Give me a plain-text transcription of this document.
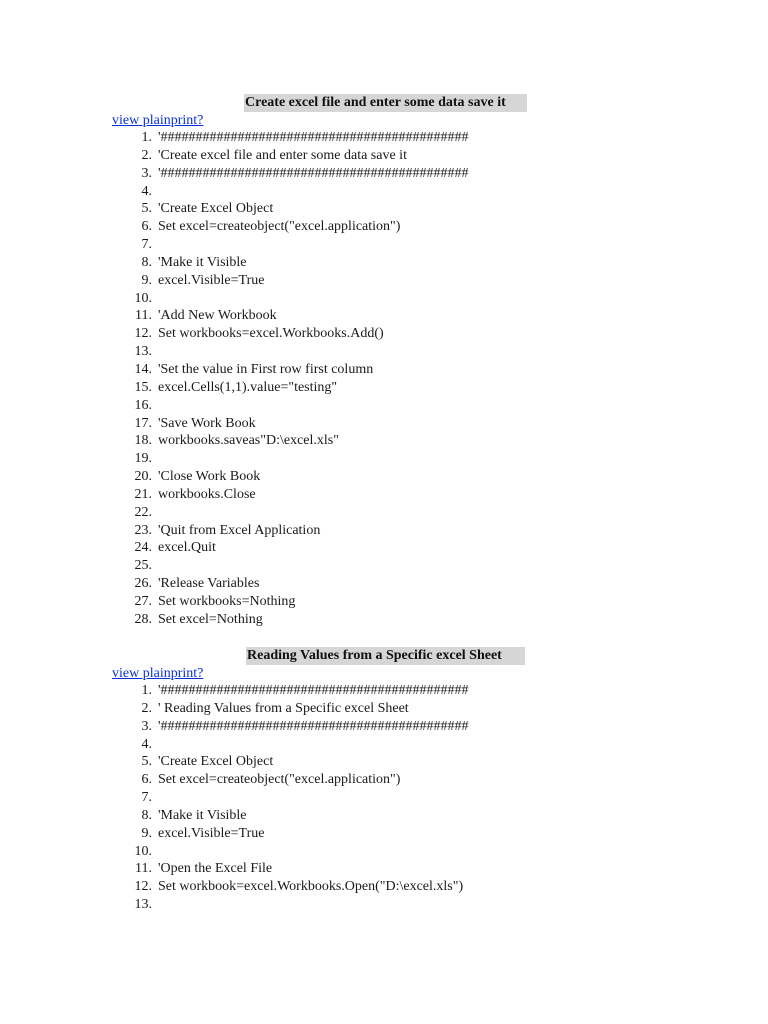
Create excel file and enter some data save it
view plainprint?
1. '############################################
2. 'Create excel file and enter some data save it
3. '############################################
4.
5. 'Create Excel Object
6. Set excel=createobject("excel.application")
7.
8. 'Make it Visible
9. excel.Visible=True
10.
11. 'Add New Workbook
12. Set workbooks=excel.Workbooks.Add()
13.
14. 'Set the value in First row first column
15. excel.Cells(1,1).value="testing"
16.
17. 'Save Work Book
18. workbooks.saveas"D:\excel.xls"
19.
20. 'Close Work Book
21. workbooks.Close
22.
23. 'Quit from Excel Application
24. excel.Quit
25.
26. 'Release Variables
27. Set workbooks=Nothing
28. Set excel=Nothing
Reading Values from a Specific excel Sheet
view plainprint?
1. '############################################
2. ' Reading Values from a Specific excel Sheet
3. '############################################
4.
5. 'Create Excel Object
6. Set excel=createobject("excel.application")
7.
8. 'Make it Visible
9. excel.Visible=True
10.
11. 'Open the Excel File
12. Set workbook=excel.Workbooks.Open("D:\excel.xls")
13.
